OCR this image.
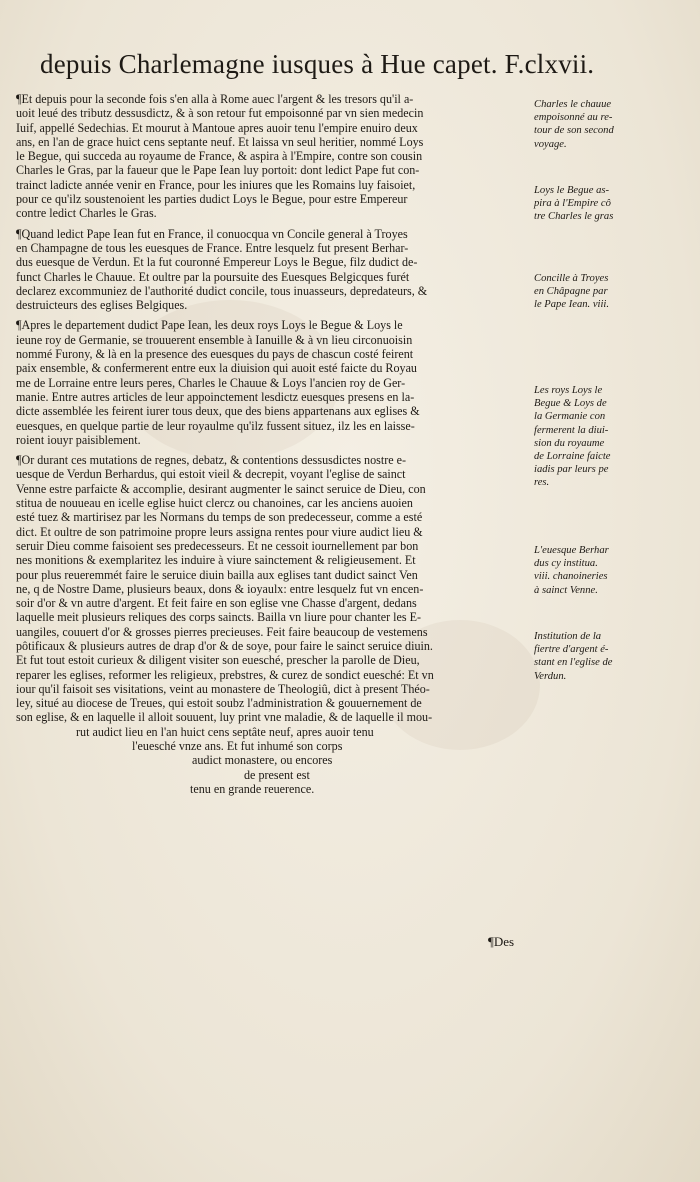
depuis Charlemagne iusques à Hue capet. F.clxvii.
¶Et depuis pour la seconde fois s'en alla à Rome auec l'argent & les tresors qu'il a-
uoit leué des tributz dessusdictz, & à son retour fut empoisonné par vn sien medecin
Iuif, appellé Sedechias. Et mourut à Mantoue apres auoir tenu l'empire enuiro deux
ans, en l'an de grace huict cens septante neuf. Et laissa vn seul heritier, nommé Loys
le Begue, qui succeda au royaume de France, & aspira à l'Empire, contre son cousin
Charles le Gras, par la faueur que le Pape Iean luy portoit: dont ledict Pape fut con-
trainct ladicte année venir en France, pour les iniures que les Romains luy faisoiet,
pour ce qu'ilz soustenoient les parties dudict Loys le Begue, pour estre Empereur
contre ledict Charles le Gras.
¶Quand ledict Pape Iean fut en France, il conuocqua vn Concile general à Troyes
en Champagne de tous les euesques de France. Entre lesquelz fut present Berhar-
dus euesque de Verdun. Et la fut couronné Empereur Loys le Begue, filz dudict de-
funct Charles le Chauue. Et oultre par la poursuite des Euesques Belgicques furét
declarez excommuniez de l'authorité dudict concile, tous inuasseurs, depredateurs, &
destruicteurs des eglises Belgiques.
¶Apres le departement dudict Pape Iean, les deux roys Loys le Begue & Loys le
ieune roy de Germanie, se trouuerent ensemble à Ianuille & à vn lieu circonuoisin
nommé Furony, & là en la presence des euesques du pays de chascun costé feirent
paix ensemble, & confermerent entre eux la diuision qui auoit esté faicte du Royau
me de Lorraine entre leurs peres, Charles le Chauue & Loys l'ancien roy de Ger-
manie. Entre autres articles de leur appoinctement lesdictz euesques presens en la-
dicte assemblée les feirent iurer tous deux, que des biens appartenans aux eglises &
euesques, en quelque partie de leur royaulme qu'ilz fussent situez, ilz les en laisse-
roient iouyr paisiblement.
¶Or durant ces mutations de regnes, debatz, & contentions dessusdictes nostre e-
uesque de Verdun Berhardus, qui estoit vieil & decrepit, voyant l'eglise de sainct
Venne estre parfaicte & accomplie, desirant augmenter le sainct seruice de Dieu, con
stitua de nouueau en icelle eglise huict clercz ou chanoines, car les anciens auoien
esté tuez & martirisez par les Normans du temps de son predecesseur, comme a esté
dict. Et oultre de son patrimoine propre leurs assigna rentes pour viure audict lieu &
seruir Dieu comme faisoient ses predecesseurs. Et ne cessoit iournellement par bon
nes monitions & exemplaritez les induire à viure sainctement & religieusement. Et
pour plus reueremmét faire le seruice diuin bailla aux eglises tant dudict sainct Ven
ne, q de Nostre Dame, plusieurs beaux, dons & ioyaulx: entre lesquelz fut vn encen-
soir d'or & vn autre d'argent. Et feit faire en son eglise vne Chasse d'argent, dedans
laquelle meit plusieurs reliques des corps saincts. Bailla vn liure pour chanter les E-
uangiles, couuert d'or & grosses pierres precieuses. Feit faire beaucoup de vestemens
pôtificaux & plusieurs autres de drap d'or & de soye, pour faire le sainct seruice diuin.
Et fut tout estoit curieux & diligent visiter son euesché, prescher la parolle de Dieu,
reparer les eglises, reformer les religieux, prebstres, & curez de sondict euesché: Et vn
iour qu'il faisoit ses visitations, veint au monastere de Theologiû, dict à present Théo-
ley, situé au diocese de Treues, qui estoit soubz l'administration & gouuernement de
son eglise, & en laquelle il alloit souuent, luy print vne maladie, & de laquelle il mou-
rut audict lieu en l'an huict cens septâte neuf, apres auoir tenu
l'euesché vnze ans. Et fut inhumé son corps
audict monastere, ou encores
de present est
tenu en grande reuerence.
¶Des
Charles le chauue
empoisonné au re-
tour de son second
voyage.
Loys le Begue as-
pira à l'Empire cô
tre Charles le gras
Concille à Troyes
en Châpagne par
le Pape Iean. viii.
Les roys Loys le
Begue & Loys de
la Germanie con
fermerent la diui-
sion du royaume
de Lorraine faicte
iadis par leurs pe
res.
L'euesque Berhar
dus cy institua.
viii. chanoineries
à sainct Venne.
Institution de la
fiertre d'argent é-
stant en l'eglise de
Verdun.
